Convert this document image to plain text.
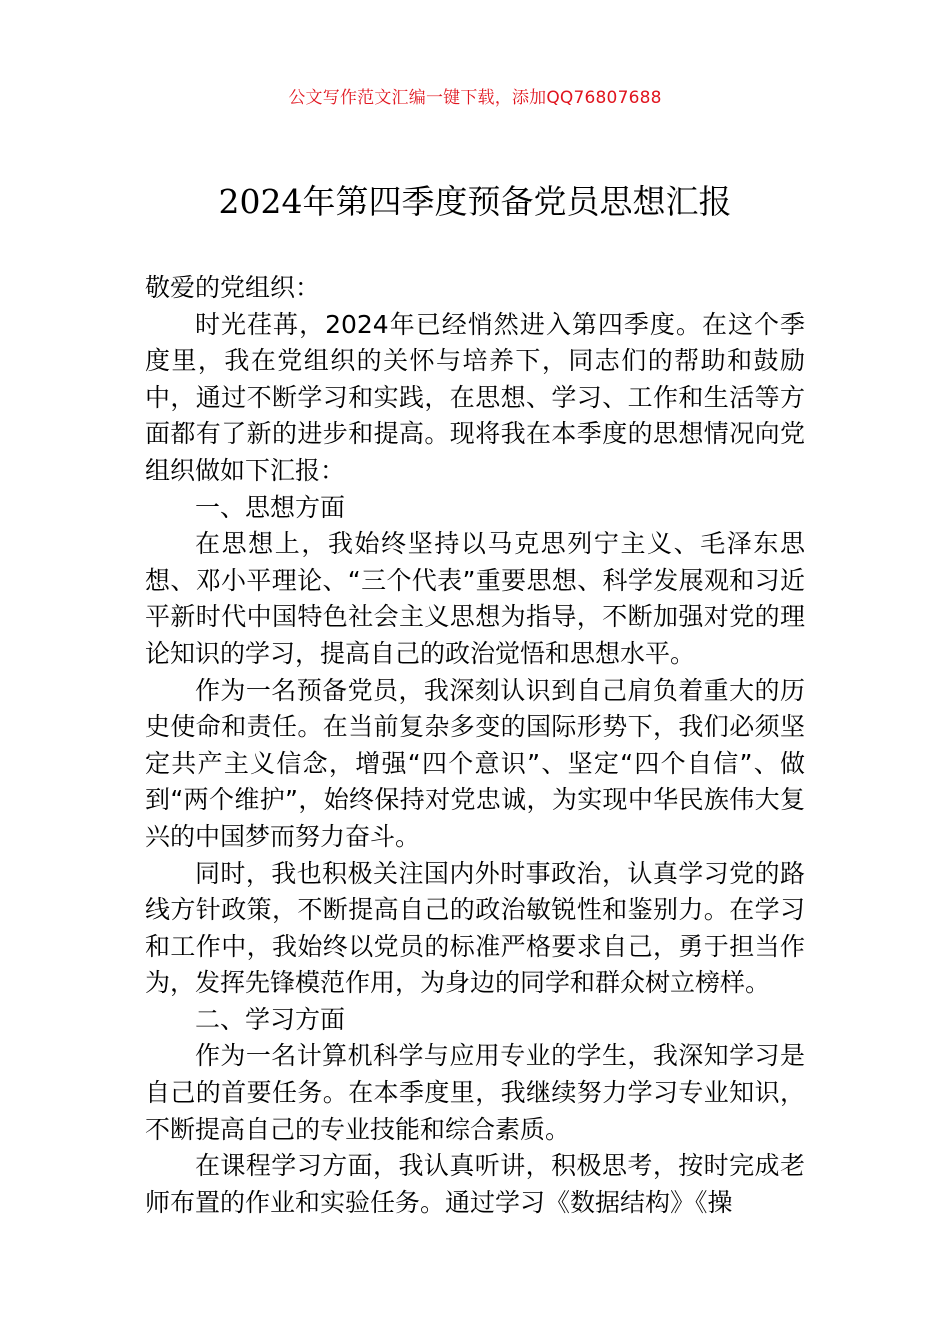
公文写作范文汇编一键下载，添加QQ76807688
2024年第四季度预备党员思想汇报

敬爱的党组织：

时光荏苒，2024年已经悄然进入第四季度。在这个季度里，我在党组织的关怀与培养下，同志们的帮助和鼓励中，通过不断学习和实践，在思想、学习、工作和生活等方面都有了新的进步和提高。现将我在本季度的思想情况向党组织做如下汇报：

一、思想方面

在思想上，我始终坚持以马克思列宁主义、毛泽东思想、邓小平理论、“三个代表”重要思想、科学发展观和习近平新时代中国特色社会主义思想为指导，不断加强对党的理论知识的学习，提高自己的政治觉悟和思想水平。

作为一名预备党员，我深刻认识到自己肩负着重大的历史使命和责任。在当前复杂多变的国际形势下，我们必须坚定共产主义信念，增强“四个意识”、坚定“四个自信”、做到“两个维护”，始终保持对党忠诚，为实现中华民族伟大复兴的中国梦而努力奋斗。

同时，我也积极关注国内外时事政治，认真学习党的路线方针政策，不断提高自己的政治敏锐性和鉴别力。在学习和工作中，我始终以党员的标准严格要求自己，勇于担当作为，发挥先锋模范作用，为身边的同学和群众树立榜样。

二、学习方面

作为一名计算机科学与应用专业的学生，我深知学习是自己的首要任务。在本季度里，我继续努力学习专业知识，不断提高自己的专业技能和综合素质。

在课程学习方面，我认真听讲，积极思考，按时完成老师布置的作业和实验任务。通过学习《数据结构》《操
